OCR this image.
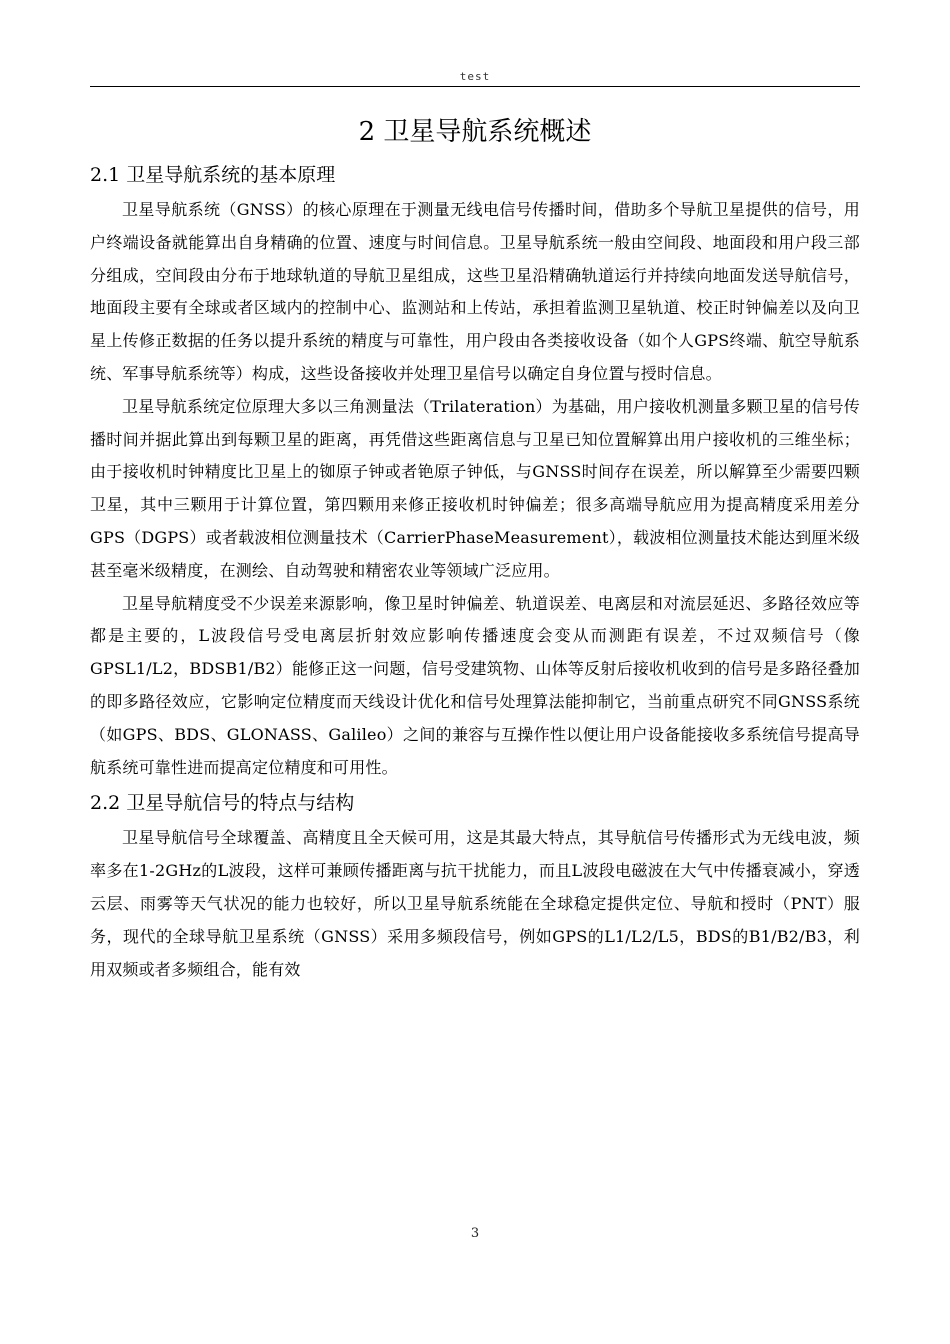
test
2 卫星导航系统概述
2.1 卫星导航系统的基本原理

卫星导航系统（GNSS）的核心原理在于测量无线电信号传播时间，借助多个导航卫星提供的信号，用户终端设备就能算出自身精确的位置、速度与时间信息。卫星导航系统一般由空间段、地面段和用户段三部分组成，空间段由分布于地球轨道的导航卫星组成，这些卫星沿精确轨道运行并持续向地面发送导航信号，地面段主要有全球或者区域内的控制中心、监测站和上传站，承担着监测卫星轨道、校正时钟偏差以及向卫星上传修正数据的任务以提升系统的精度与可靠性，用户段由各类接收设备（如个人GPS终端、航空导航系统、军事导航系统等）构成，这些设备接收并处理卫星信号以确定自身位置与授时信息。

卫星导航系统定位原理大多以三角测量法（Trilateration）为基础，用户接收机测量多颗卫星的信号传播时间并据此算出到每颗卫星的距离，再凭借这些距离信息与卫星已知位置解算出用户接收机的三维坐标；由于接收机时钟精度比卫星上的铷原子钟或者铯原子钟低，与GNSS时间存在误差，所以解算至少需要四颗卫星，其中三颗用于计算位置，第四颗用来修正接收机时钟偏差；很多高端导航应用为提高精度采用差分GPS（DGPS）或者载波相位测量技术（CarrierPhaseMeasurement），载波相位测量技术能达到厘米级甚至毫米级精度，在测绘、自动驾驶和精密农业等领域广泛应用。

卫星导航精度受不少误差来源影响，像卫星时钟偏差、轨道误差、电离层和对流层延迟、多路径效应等都是主要的，L波段信号受电离层折射效应影响传播速度会变从而测距有误差，不过双频信号（像GPSL1/L2，BDSB1/B2）能修正这一问题，信号受建筑物、山体等反射后接收机收到的信号是多路径叠加的即多路径效应，它影响定位精度而天线设计优化和信号处理算法能抑制它，当前重点研究不同GNSS系统（如GPS、BDS、GLONASS、Galileo）之间的兼容与互操作性以便让用户设备能接收多系统信号提高导航系统可靠性进而提高定位精度和可用性。

2.2 卫星导航信号的特点与结构

卫星导航信号全球覆盖、高精度且全天候可用，这是其最大特点，其导航信号传播形式为无线电波，频率多在1-2GHz的L波段，这样可兼顾传播距离与抗干扰能力，而且L波段电磁波在大气中传播衰减小，穿透云层、雨雾等天气状况的能力也较好，所以卫星导航系统能在全球稳定提供定位、导航和授时（PNT）服务，现代的全球导航卫星系统（GNSS）采用多频段信号，例如GPS的L1/L2/L5，BDS的B1/B2/B3，利用双频或者多频组合，能有效

3
